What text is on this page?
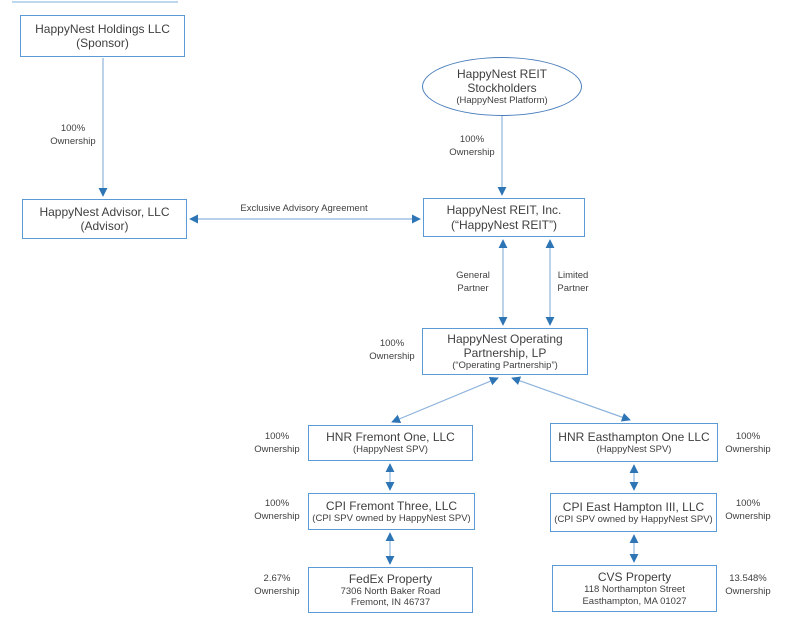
HappyNest Holdings LLC
(Sponsor)
HappyNest Advisor, LLC
(Advisor)
HappyNest REIT
Stockholders
(HappyNest Platform)
HappyNest REIT, Inc.
(“HappyNest REIT”)
HappyNest Operating
Partnership, LP
(“Operating Partnership”)
HNR Fremont One, LLC
(HappyNest SPV)
HNR Easthampton One LLC
(HappyNest SPV)
CPI Fremont Three, LLC
(CPI SPV owned by HappyNest SPV)
CPI East Hampton III, LLC
(CPI SPV owned by HappyNest SPV)
FedEx Property
7306 North Baker Road
Fremont, IN 46737
CVS Property
118 Northampton Street
Easthampton, MA 01027
100%
Ownership	100%
Ownership
Exclusive Advisory Agreement
General
Partner
Limited
Partner
100%
Ownership
100%
Ownership
100%
Ownership
100%
Ownership
100%
Ownership
2.67%
Ownership
13.548%
Ownership
